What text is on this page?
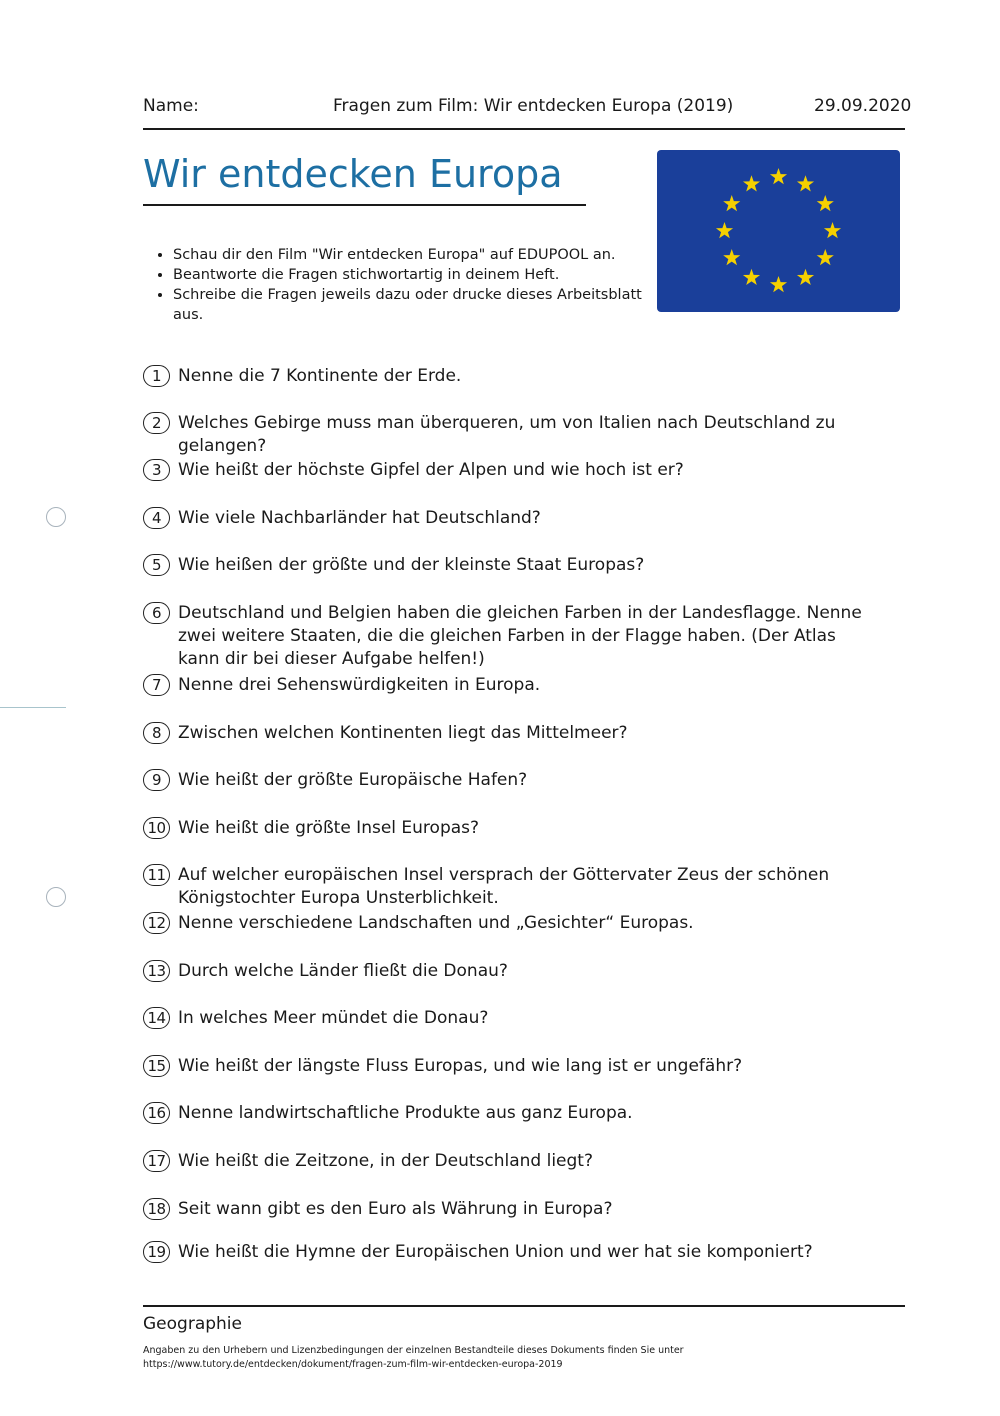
Name:	Fragen zum Film: Wir entdecken Europa (2019)	29.09.2020
Wir entdecken Europa
• Schau dir den Film "Wir entdecken Europa" auf EDUPOOL an.
• Beantworte die Fragen stichwortartig in deinem Heft.
• Schreibe die Fragen jeweils dazu oder drucke dieses Arbeitsblatt aus.
1 Nenne die 7 Kontinente der Erde.
2 Welches Gebirge muss man überqueren, um von Italien nach Deutschland zu gelangen?
3 Wie heißt der höchste Gipfel der Alpen und wie hoch ist er?
4 Wie viele Nachbarländer hat Deutschland?
5 Wie heißen der größte und der kleinste Staat Europas?
6 Deutschland und Belgien haben die gleichen Farben in der Landesflagge. Nenne zwei weitere Staaten, die die gleichen Farben in der Flagge haben. (Der Atlas kann dir bei dieser Aufgabe helfen!)
7 Nenne drei Sehenswürdigkeiten in Europa.
8 Zwischen welchen Kontinenten liegt das Mittelmeer?
9 Wie heißt der größte Europäische Hafen?
10 Wie heißt die größte Insel Europas?
11 Auf welcher europäischen Insel versprach der Göttervater Zeus der schönen Königstochter Europa Unsterblichkeit.
12 Nenne verschiedene Landschaften und „Gesichter“ Europas.
13 Durch welche Länder fließt die Donau?
14 In welches Meer mündet die Donau?
15 Wie heißt der längste Fluss Europas, und wie lang ist er ungefähr?
16 Nenne landwirtschaftliche Produkte aus ganz Europa.
17 Wie heißt die Zeitzone, in der Deutschland liegt?
18 Seit wann gibt es den Euro als Währung in Europa?
19 Wie heißt die Hymne der Europäischen Union und wer hat sie komponiert?
Geographie
Angaben zu den Urhebern und Lizenzbedingungen der einzelnen Bestandteile dieses Dokuments finden Sie unter
https://www.tutory.de/entdecken/dokument/fragen-zum-film-wir-entdecken-europa-2019
